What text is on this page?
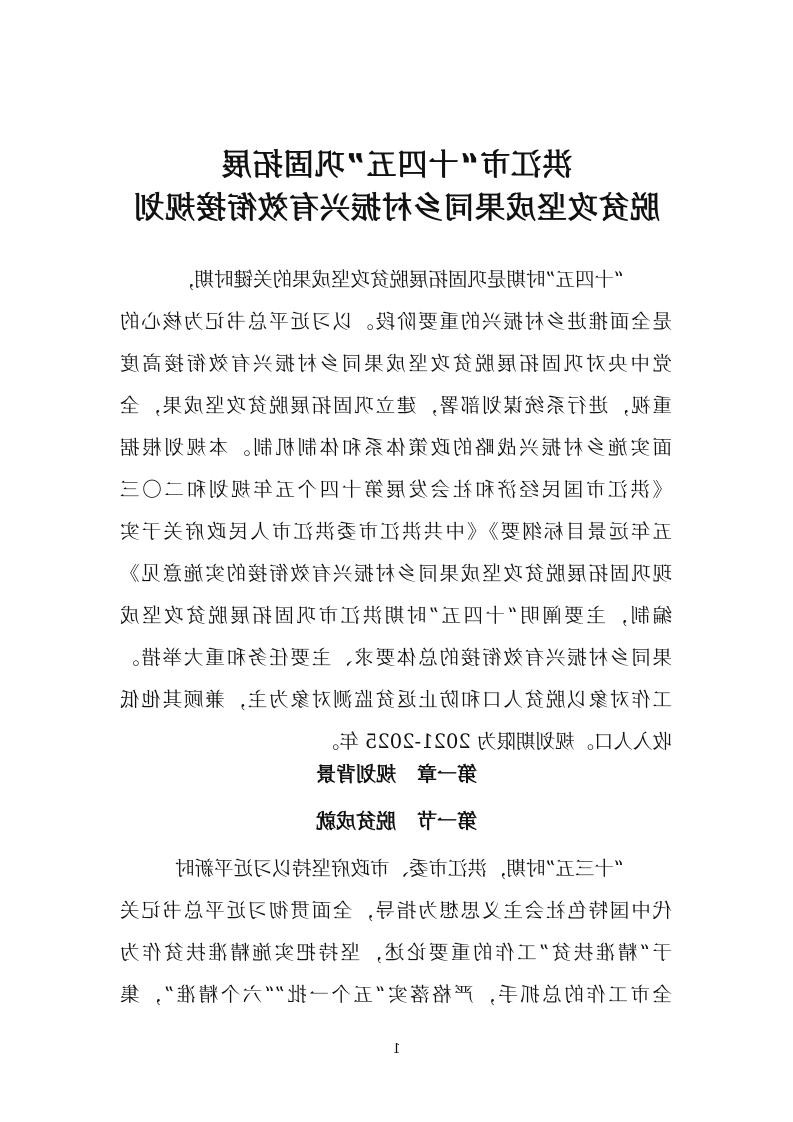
洪江市“十四五”巩固拓展
脱贫攻坚成果同乡村振兴有效衔接规划
“十四五”时期是巩固拓展脱贫攻坚成果的关键时期，
是全面推进乡村振兴的重要阶段。以习近平总书记为核心的
党中央对巩固拓展脱贫攻坚成果同乡村振兴有效衔接高度
重视，进行系统谋划部署，建立巩固拓展脱贫攻坚成果，全
面实施乡村振兴战略的政策体系和体制机制。本规划根据
《洪江市国民经济和社会发展第十四个五年规划和二〇三
五年远景目标纲要》《中共洪江市委洪江市人民政府关于实
现巩固拓展脱贫攻坚成果同乡村振兴有效衔接的实施意见》
编制，主要阐明“十四五”时期洪江市巩固拓展脱贫攻坚成
果同乡村振兴有效衔接的总体要求、主要任务和重大举措。
工作对象以脱贫人口和防止返贫监测对象为主，兼顾其他低
收入人口。规划期限为 2021-2025 年。
第一章 规划背景
第一节 脱贫成就
“十三五”时期，洪江市委、市政府坚持以习近平新时
代中国特色社会主义思想为指导，全面贯彻习近平总书记关
于“精准扶贫”工作的重要论述，坚持把实施精准扶贫作为
全市工作的总抓手，严格落实“五个一批”“六个精准”，集
1
